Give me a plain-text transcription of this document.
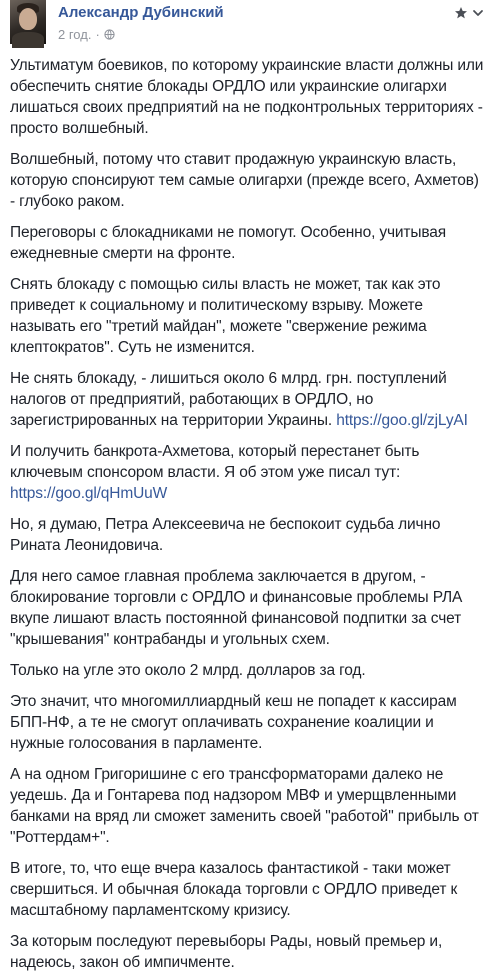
Александр Дубинский
2 год. ·

Ультиматум боевиков, по которому украинские власти должны или обеспечить снятие блокады ОРДЛО или украинские олигархи лишаться своих предприятий на не подконтрольных территориях - просто волшебный.

Волшебный, потому что ставит продажную украинскую власть, которую спонсируют тем самые олигархи (прежде всего, Ахметов) - глубоко раком.

Переговоры с блокадниками не помогут. Особенно, учитывая ежедневные смерти на фронте.

Снять блокаду с помощью силы власть не может, так как это приведет к социальному и политическому взрыву. Можете называть его "третий майдан", можете "свержение режима клептократов". Суть не изменится.

Не снять блокаду, - лишиться около 6 млрд. грн. поступлений налогов от предприятий, работающих в ОРДЛО, но зарегистрированных на территории Украины. https://goo.gl/zjLyAI

И получить банкрота-Ахметова, который перестанет быть ключевым спонсором власти. Я об этом уже писал тут: https://goo.gl/qHmUuW

Но, я думаю, Петра Алексеевича не беспокоит судьба лично Рината Леонидовича.

Для него самое главная проблема заключается в другом, - блокирование торговли с ОРДЛО и финансовые проблемы РЛА вкупе лишают власть постоянной финансовой подпитки за счет "крышевания" контрабанды и угольных схем.

Только на угле это около 2 млрд. долларов за год.

Это значит, что многомиллиардный кеш не попадет к кассирам БПП-НФ, а те не смогут оплачивать сохранение коалиции и нужные голосования в парламенте.

А на одном Григоришине с его трансформаторами далеко не уедешь. Да и Гонтарева под надзором МВФ и умерщвленными банками на вряд ли сможет заменить своей "работой" прибыль от "Роттердам+".

В итоге, то, что еще вчера казалось фантастикой - таки может свершиться. И обычная блокада торговли с ОРДЛО приведет к масштабному парламентскому кризису.

За которым последуют перевыборы Рады, новый премьер и, надеюсь, закон об импичменте.
